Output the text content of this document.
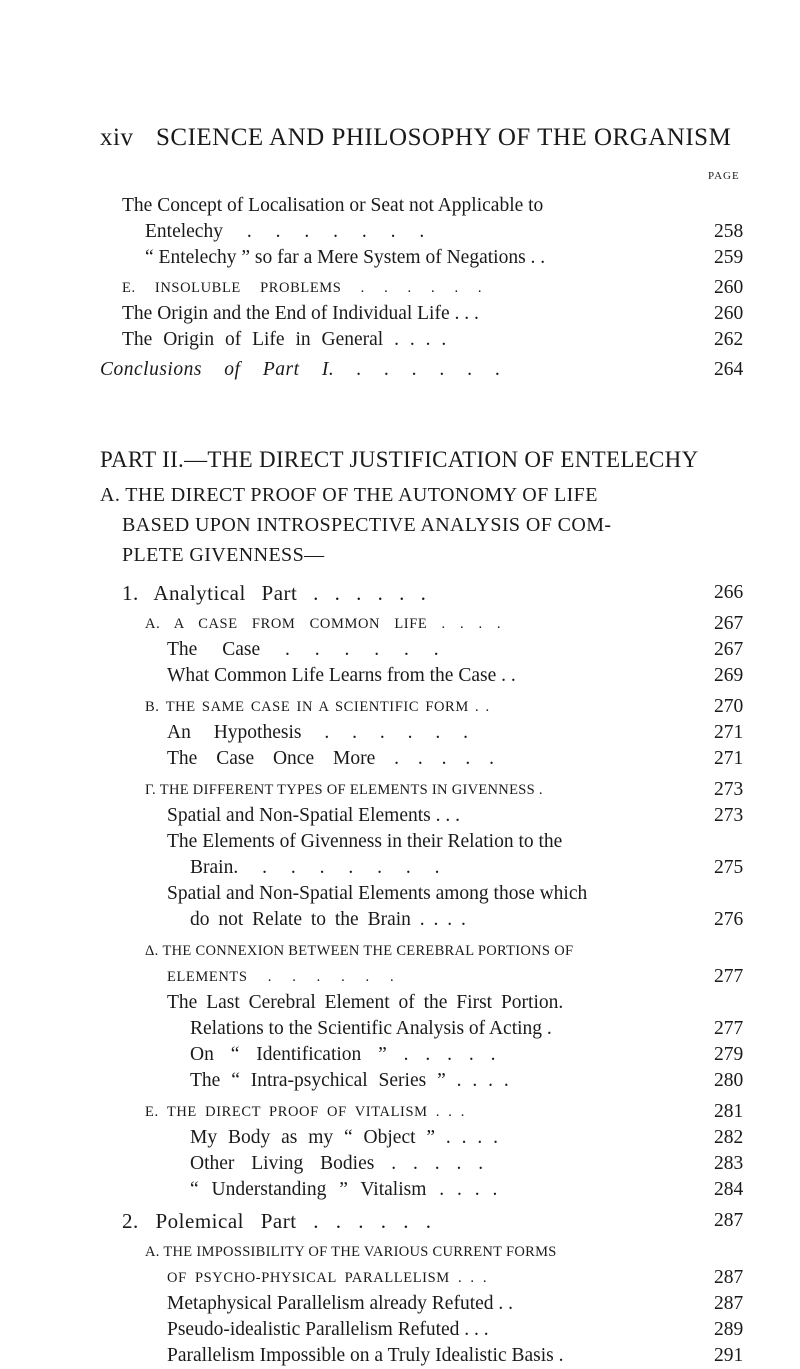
xiv SCIENCE AND PHILOSOPHY OF THE ORGANISM
PAGE
The Concept of Localisation or Seat not Applicable to
Entelechy . . . . . . .	258
“ Entelechy ” so far a Mere System of Negations . .	259
E. INSOLUBLE PROBLEMS . . . . . .	260
The Origin and the End of Individual Life . . .	260
The Origin of Life in General . . . .	262
Conclusions of Part I. . . . . . .	264
PART II.—THE DIRECT JUSTIFICATION OF ENTELECHY
A. THE DIRECT PROOF OF THE AUTONOMY OF LIFE
BASED UPON INTROSPECTIVE ANALYSIS OF COM-
PLETE GIVENNESS—
1. Analytical Part . . . . . .	266
A. A CASE FROM COMMON LIFE . . . .	267
The Case . . . . . .	267
What Common Life Learns from the Case . .	269
Β. THE SAME CASE IN A SCIENTIFIC FORM . .	270
An Hypothesis . . . . . .	271
The Case Once More . . . . .	271
Γ. THE DIFFERENT TYPES OF ELEMENTS IN GIVENNESS .	273
Spatial and Non-Spatial Elements . . .	273
The Elements of Givenness in their Relation to the
Brain. . . . . . . .	275
Spatial and Non-Spatial Elements among those which
do not Relate to the Brain . . . .	276
Δ. THE CONNEXION BETWEEN THE CEREBRAL PORTIONS OF
ELEMENTS . . . . . .	277
The Last Cerebral Element of the First Portion.
Relations to the Scientific Analysis of Acting .	277
On “ Identification ” . . . . .	279
The “ Intra-psychical Series ” . . . .	280
Ε. THE DIRECT PROOF OF VITALISM . . .	281
My Body as my “ Object ” . . . .	282
Other Living Bodies . . . . .	283
“ Understanding ” Vitalism . . . .	284
2. Polemical Part . . . . . .	287
A. THE IMPOSSIBILITY OF THE VARIOUS CURRENT FORMS
OF PSYCHO-PHYSICAL PARALLELISM . . .	287
Metaphysical Parallelism already Refuted . .	287
Pseudo-idealistic Parallelism Refuted . . .	289
Parallelism Impossible on a Truly Idealistic Basis .	291
